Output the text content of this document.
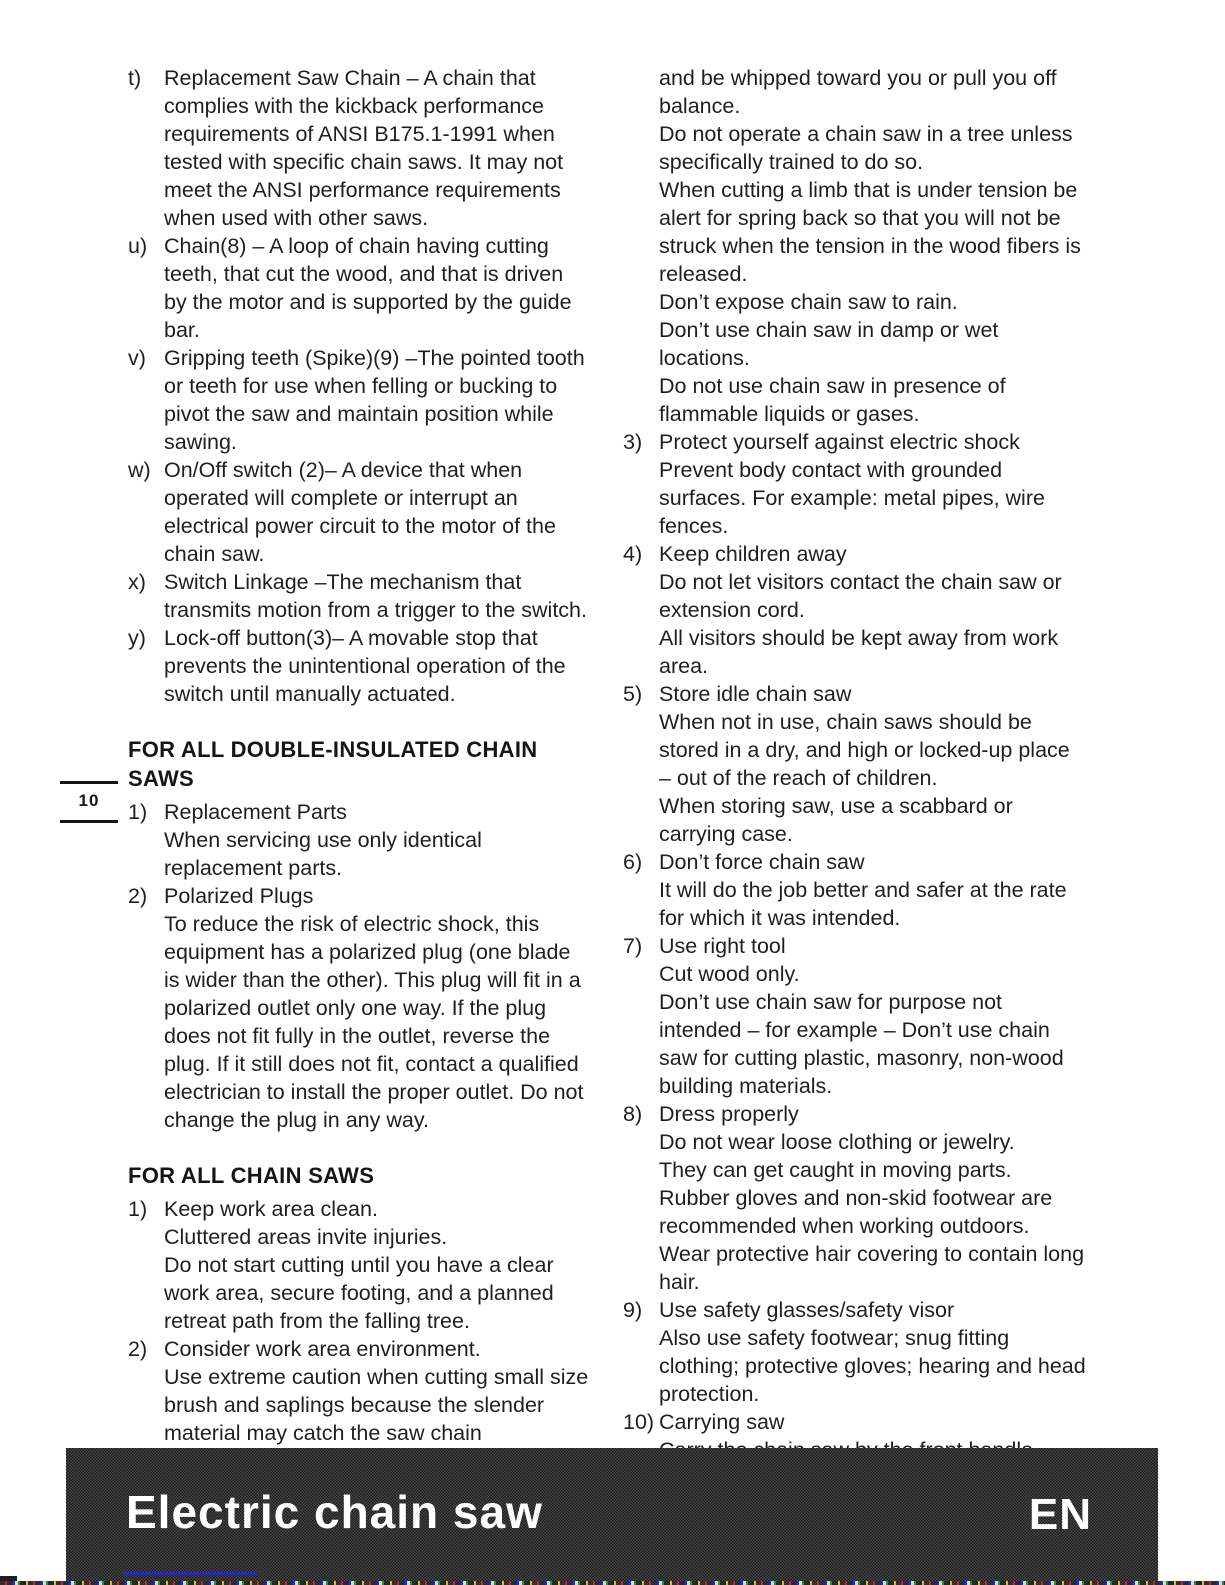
10
t)	Replacement Saw Chain – A chain that complies with the kickback performance requirements of ANSI B175.1-1991 when tested with specific chain saws. It may not meet the ANSI performance requirements when used with other saws.

u) Chain(8) – A loop of chain having cutting teeth, that cut the wood, and that is driven by the motor and is supported by the guide bar.

v) Gripping teeth (Spike)(9) –The pointed tooth or teeth for use when felling or bucking to pivot the saw and maintain position while sawing.

w) On/Off switch (2)– A device that when operated will complete or interrupt an electrical power circuit to the motor of the chain saw.

x) Switch Linkage –The mechanism that transmits motion from a trigger to the switch.

y) Lock-off button(3)– A movable stop that prevents the unintentional operation of the switch until manually actuated.

FOR ALL DOUBLE-INSULATED CHAIN SAWS
1) Replacement Parts

When servicing use only identical replacement parts.

2) Polarized Plugs

To reduce the risk of electric shock, this equipment has a polarized plug (one blade is wider than the other). This plug will fit in a polarized outlet only one way. If the plug does not fit fully in the outlet, reverse the plug. If it still does not fit, contact a qualified electrician to install the proper outlet. Do not change the plug in any way.

FOR ALL CHAIN SAWS
1) Keep work area clean.

Cluttered areas invite injuries.

Do not start cutting until you have a clear work area, secure footing, and a planned retreat path from the falling tree.

2) Consider work area environment.

Use extreme caution when cutting small size brush and saplings because the slender material may catch the saw chain

and be whipped toward you or pull you off balance.

Do not operate a chain saw in a tree unless specifically trained to do so.

When cutting a limb that is under tension be alert for spring back so that you will not be struck when the tension in the wood fibers is released.

Don’t expose chain saw to rain.

Don’t use chain saw in damp or wet locations.

Do not use chain saw in presence of flammable liquids or gases.

3) Protect yourself against electric shock

Prevent body contact with grounded surfaces. For example: metal pipes, wire fences.

4) Keep children away

Do not let visitors contact the chain saw or extension cord.

All visitors should be kept away from work area.

5) Store idle chain saw

When not in use, chain saws should be stored in a dry, and high or locked-up place – out of the reach of children.

When storing saw, use a scabbard or carrying case.

6) Don’t force chain saw

It will do the job better and safer at the rate for which it was intended.

7) Use right tool

Cut wood only.

Don’t use chain saw for purpose not intended – for example – Don’t use chain saw for cutting plastic, masonry, non-wood building materials.

8) Dress properly

Do not wear loose clothing or jewelry.

They can get caught in moving parts.

Rubber gloves and non-skid footwear are recommended when working outdoors.

Wear protective hair covering to contain long hair.

9) Use safety glasses/safety visor

Also use safety footwear; snug fitting clothing; protective gloves; hearing and head protection.

10) Carrying saw

Electric chain saw	EN
